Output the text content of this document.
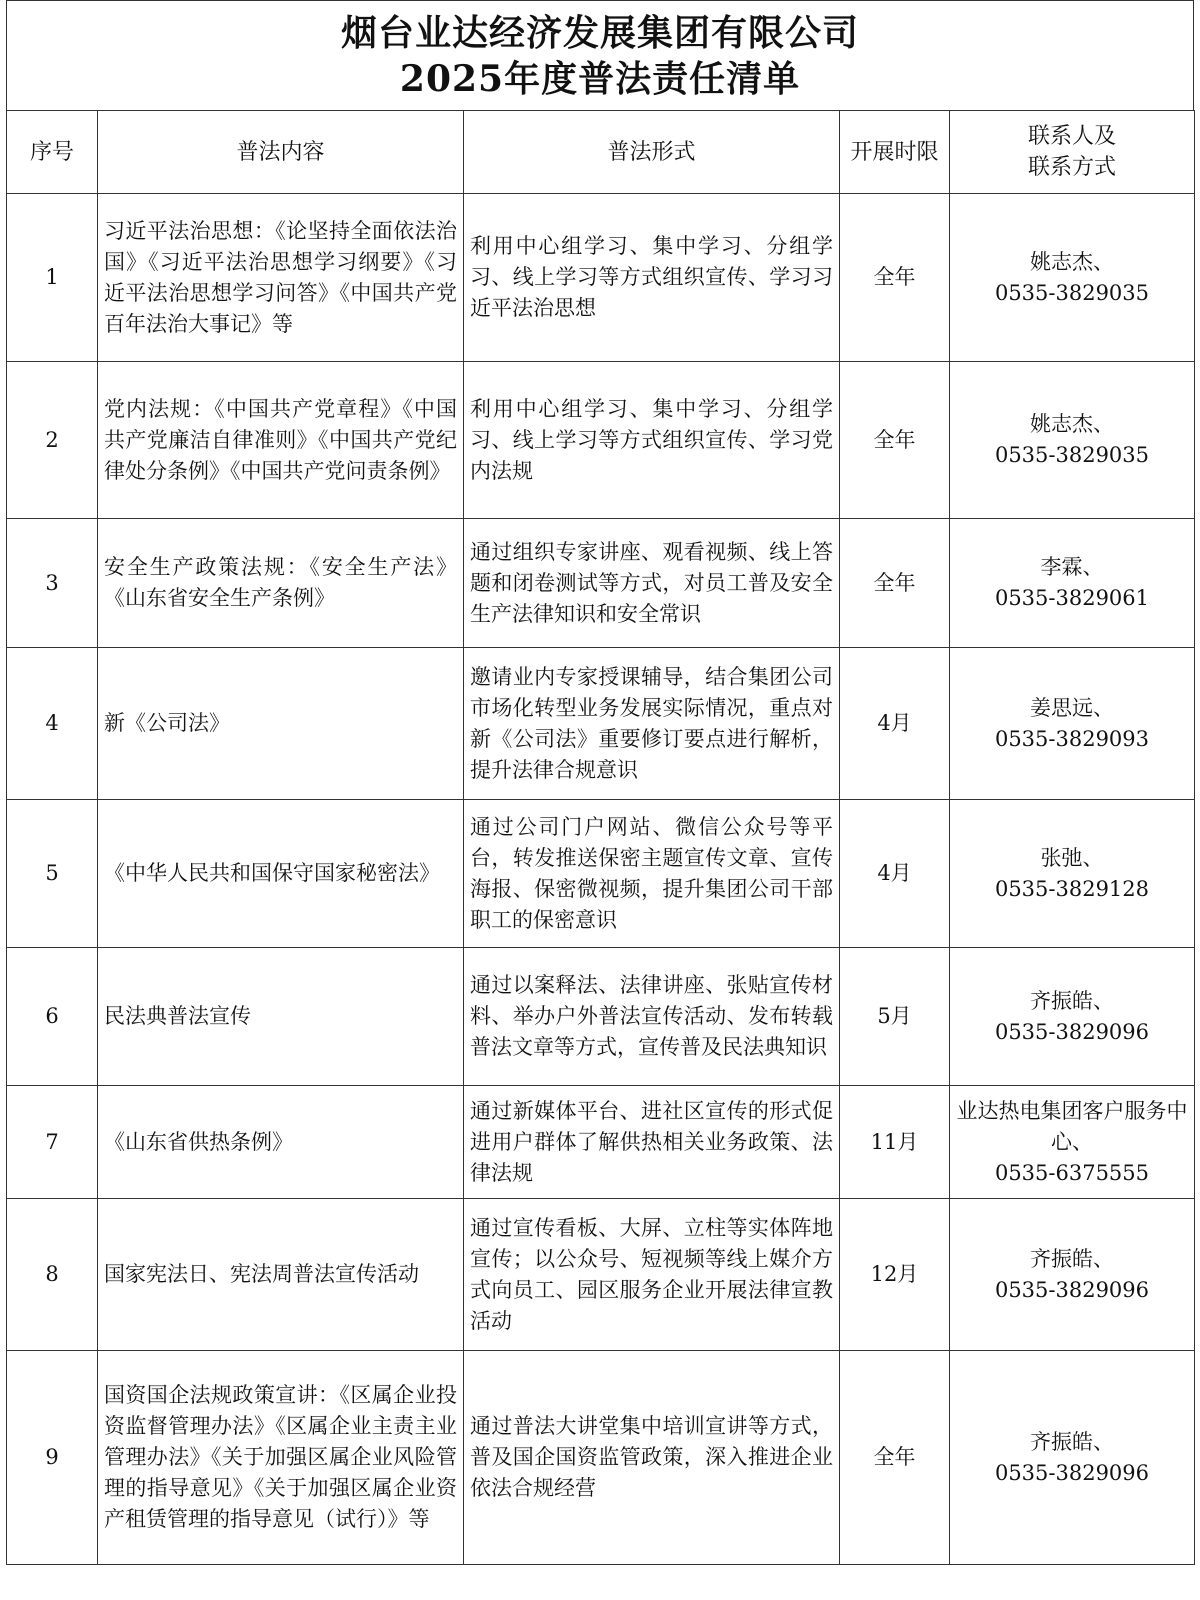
烟台业达经济发展集团有限公司
2025年度普法责任清单
序号	普法内容	普法形式	开展时限	联系人及
联系方式

1	习近平法治思想：《论坚持全面依法治国》《习近平法治思想学习纲要》《习近平法治思想学习问答》《中国共产党百年法治大事记》等	利用中心组学习、集中学习、分组学习、线上学习等方式组织宣传、学习习近平法治思想	全年	姚志杰、
0535-3829035

2	党内法规：《中国共产党章程》《中国共产党廉洁自律准则》《中国共产党纪律处分条例》《中国共产党问责条例》	利用中心组学习、集中学习、分组学习、线上学习等方式组织宣传、学习党内法规	全年	姚志杰、
0535-3829035

3	安全生产政策法规：《安全生产法》《山东省安全生产条例》	通过组织专家讲座、观看视频、线上答题和闭卷测试等方式，对员工普及安全生产法律知识和安全常识	全年	李霖、
0535-3829061

4	新《公司法》	邀请业内专家授课辅导，结合集团公司市场化转型业务发展实际情况，重点对新《公司法》重要修订要点进行解析，提升法律合规意识	4月	姜思远、
0535-3829093

5	《中华人民共和国保守国家秘密法》	通过公司门户网站、微信公众号等平台，转发推送保密主题宣传文章、宣传海报、保密微视频，提升集团公司干部职工的保密意识	4月	张弛、
0535-3829128

6	民法典普法宣传	通过以案释法、法律讲座、张贴宣传材料、举办户外普法宣传活动、发布转载普法文章等方式，宣传普及民法典知识	5月	齐振皓、
0535-3829096

7	《山东省供热条例》	通过新媒体平台、进社区宣传的形式促进用户群体了解供热相关业务政策、法律法规	11月	业达热电集团客户服务中心、
0535-6375555

8	国家宪法日、宪法周普法宣传活动	通过宣传看板、大屏、立柱等实体阵地宣传；以公众号、短视频等线上媒介方式向员工、园区服务企业开展法律宣教活动	12月	齐振皓、
0535-3829096

9	国资国企法规政策宣讲：《区属企业投资监督管理办法》《区属企业主责主业管理办法》《关于加强区属企业风险管理的指导意见》《关于加强区属企业资产租赁管理的指导意见（试行）》等	通过普法大讲堂集中培训宣讲等方式，普及国企国资监管政策，深入推进企业依法合规经营	全年	齐振皓、
0535-3829096
